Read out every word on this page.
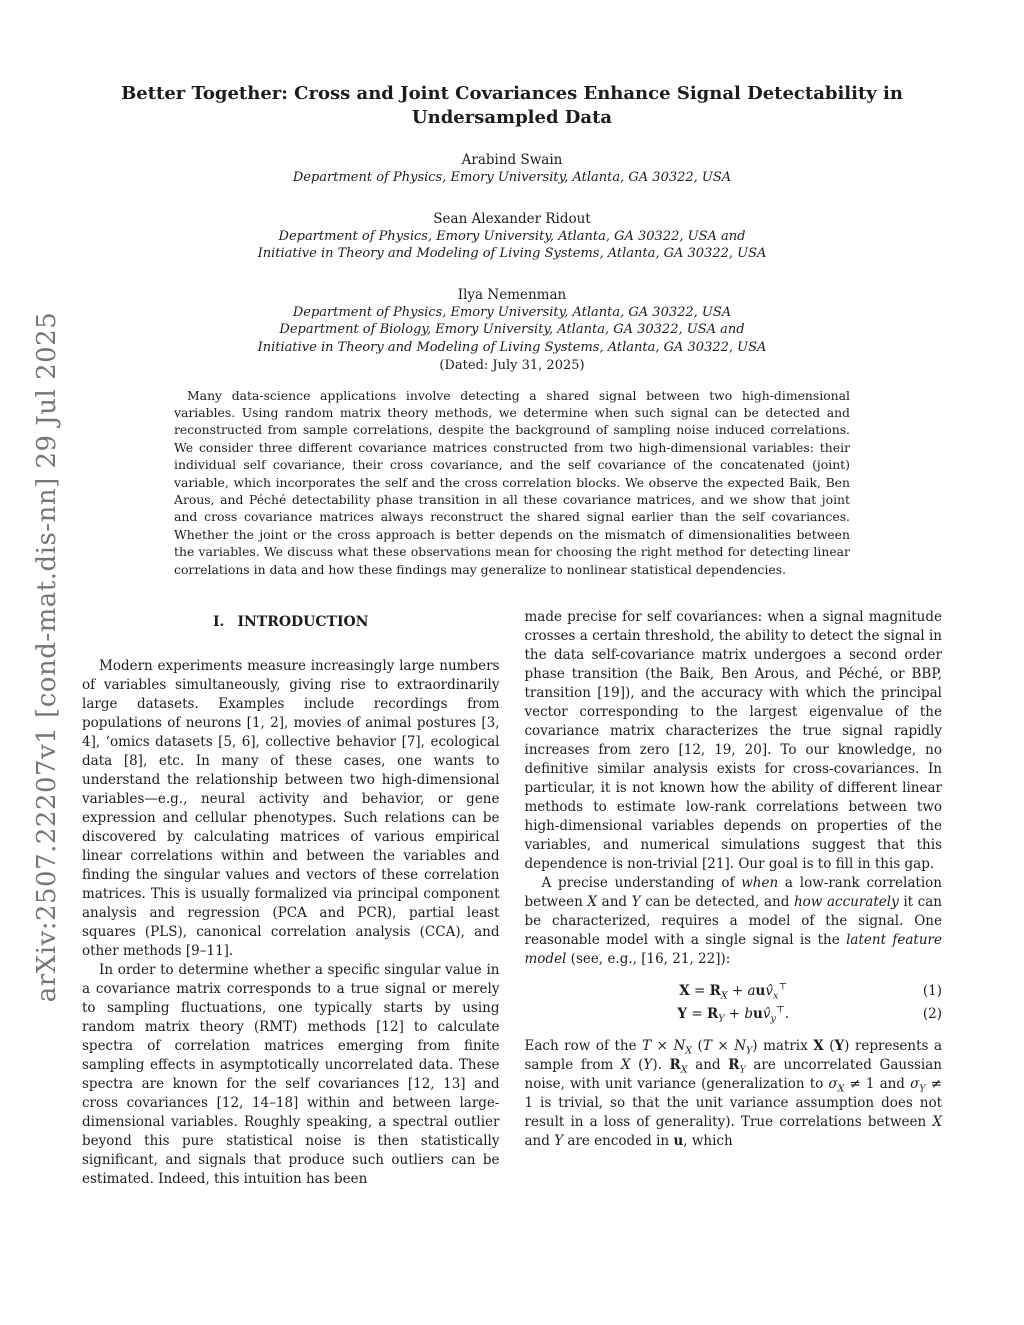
arXiv:2507.22207v1 [cond-mat.dis-nn] 29 Jul 2025
Better Together: Cross and Joint Covariances Enhance Signal Detectability in Undersampled Data
Arabind Swain
Department of Physics, Emory University, Atlanta, GA 30322, USA
Sean Alexander Ridout
Department of Physics, Emory University, Atlanta, GA 30322, USA and
Initiative in Theory and Modeling of Living Systems, Atlanta, GA 30322, USA
Ilya Nemenman
Department of Physics, Emory University, Atlanta, GA 30322, USA
Department of Biology, Emory University, Atlanta, GA 30322, USA and
Initiative in Theory and Modeling of Living Systems, Atlanta, GA 30322, USA
(Dated: July 31, 2025)
Many data-science applications involve detecting a shared signal between two high-dimensional variables. Using random matrix theory methods, we determine when such signal can be detected and reconstructed from sample correlations, despite the background of sampling noise induced correlations. We consider three different covariance matrices constructed from two high-dimensional variables: their individual self covariance, their cross covariance, and the self covariance of the concatenated (joint) variable, which incorporates the self and the cross correlation blocks. We observe the expected Baik, Ben Arous, and Péché detectability phase transition in all these covariance matrices, and we show that joint and cross covariance matrices always reconstruct the shared signal earlier than the self covariances. Whether the joint or the cross approach is better depends on the mismatch of dimensionalities between the variables. We discuss what these observations mean for choosing the right method for detecting linear correlations in data and how these findings may generalize to nonlinear statistical dependencies.
I. INTRODUCTION

Modern experiments measure increasingly large numbers of variables simultaneously, giving rise to extraordinarily large datasets. Examples include recordings from populations of neurons [1, 2], movies of animal postures [3, 4], ‘omics datasets [5, 6], collective behavior [7], ecological data [8], etc. In many of these cases, one wants to understand the relationship between two high-dimensional variables—e.g., neural activity and behavior, or gene expression and cellular phenotypes. Such relations can be discovered by calculating matrices of various empirical linear correlations within and between the variables and finding the singular values and vectors of these correlation matrices. This is usually formalized via principal component analysis and regression (PCA and PCR), partial least squares (PLS), canonical correlation analysis (CCA), and other methods [9–11].

In order to determine whether a specific singular value in a covariance matrix corresponds to a true signal or merely to sampling fluctuations, one typically starts by using random matrix theory (RMT) methods [12] to calculate spectra of correlation matrices emerging from finite sampling effects in asymptotically uncorrelated data. These spectra are known for the self covariances [12, 13] and cross covariances [12, 14–18] within and between large-dimensional variables. Roughly speaking, a spectral outlier beyond this pure statistical noise is then statistically significant, and signals that produce such outliers can be estimated. Indeed, this intuition has been

made precise for self covariances: when a signal magnitude crosses a certain threshold, the ability to detect the signal in the data self-covariance matrix undergoes a second order phase transition (the Baik, Ben Arous, and Péché, or BBP, transition [19]), and the accuracy with which the principal vector corresponding to the largest eigenvalue of the covariance matrix characterizes the true signal rapidly increases from zero [12, 19, 20]. To our knowledge, no definitive similar analysis exists for cross-covariances. In particular, it is not known how the ability of different linear methods to estimate low-rank correlations between two high-dimensional variables depends on properties of the variables, and numerical simulations suggest that this dependence is non-trivial [21]. Our goal is to fill in this gap.

A precise understanding of when a low-rank correlation between X and Y can be detected, and how accurately it can be characterized, requires a model of the signal. One reasonable model with a single signal is the latent feature model (see, e.g., [16, 21, 22]):

$X = R_X$ + $auv̂_x^⊤$	(1)
$Y = R_Y$ + $buv̂_y^⊤$.	(2)

Each row of the $T \times N_X$ $(T \times N_Y)$ matrix X (Y) represents a sample from X (Y). $R_X$ and $R_Y$ are uncorrelated Gaussian noise, with unit variance (generalization to $\sigma_X \ne 1$ and $\sigma_Y \ne 1$ is trivial, so that the unit variance assumption does not result in a loss of generality). True correlations between X and Y are encoded in u, which
